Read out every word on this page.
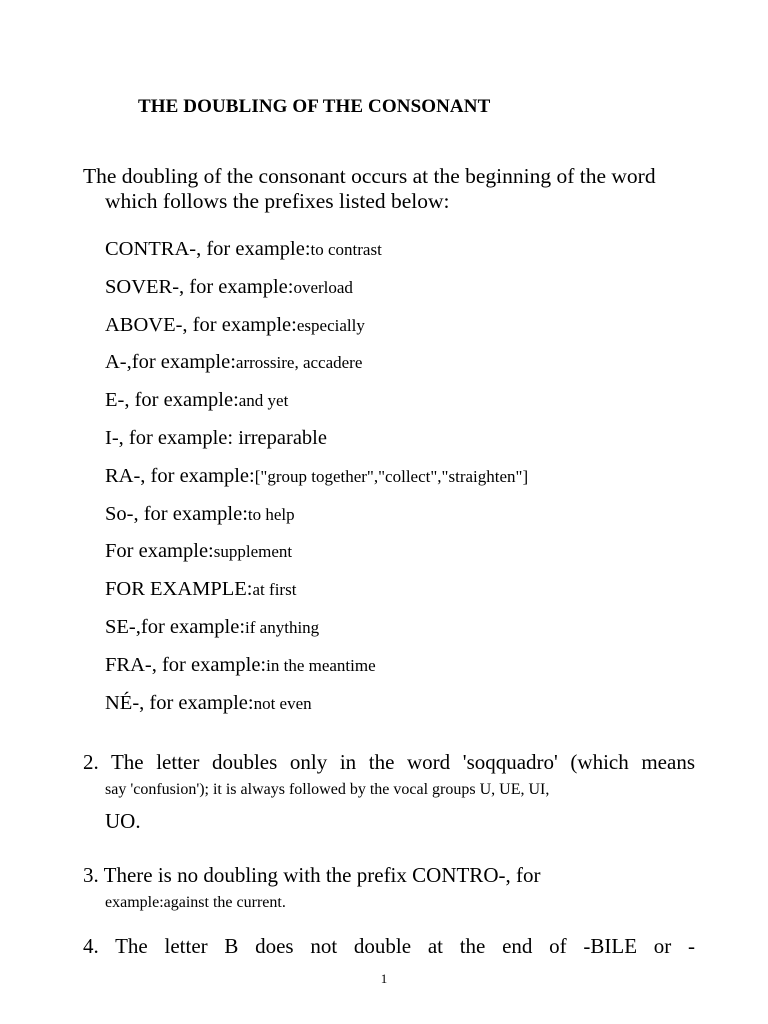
THE DOUBLING OF THE CONSONANT
The doubling of the consonant occurs at the beginning of the word
which follows the prefixes listed below:
CONTRA-, for example:to contrast
SOVER-, for example:overload
ABOVE-, for example:especially
A-,for example:arrossire, accadere
E-, for example:and yet
I-, for example: irreparable
RA-, for example:["group together","collect","straighten"]
So-, for example:to help
For example:supplement
FOR EXAMPLE:at first
SE-,for example:if anything
FRA-, for example:in the meantime
NÉ-, for example:not even
2. The letter doubles only in the word 'soqquadro' (which means
say 'confusion'); it is always followed by the vocal groups U, UE, UI,
UO.
3. There is no doubling with the prefix CONTRO-, for
example:against the current.
4. The letter B does not double at the end of -BILE or -
1
